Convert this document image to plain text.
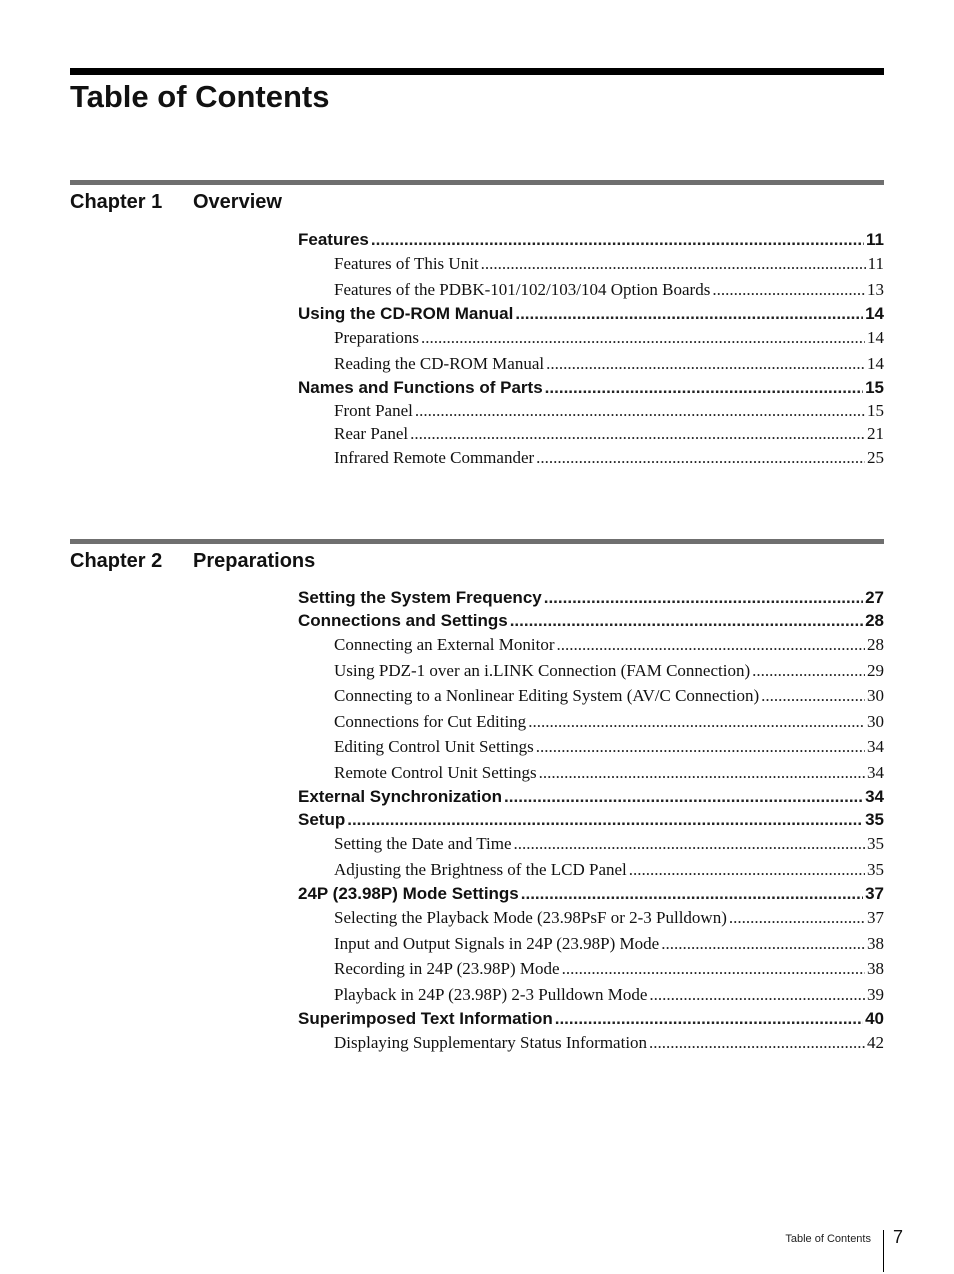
Table of Contents
Chapter 1 Overview
Features .....	11
Features of This Unit .....	11
Features of the PDBK-101/102/103/104 Option Boards .....	13
Using the CD-ROM Manual .....	14
Preparations .....	14
Reading the CD-ROM Manual .....	14
Names and Functions of Parts .....	15
Front Panel .....	15
Rear Panel .....	21
Infrared Remote Commander .....	25
Chapter 2 Preparations
Setting the System Frequency .....	27
Connections and Settings .....	28
Connecting an External Monitor .....	28
Using PDZ-1 over an i.LINK Connection (FAM Connection) .....	29
Connecting to a Nonlinear Editing System (AV/C Connection) .....	30
Connections for Cut Editing .....	30
Editing Control Unit Settings .....	34
Remote Control Unit Settings .....	34
External Synchronization .....	34
Setup .....	35
Setting the Date and Time .....	35
Adjusting the Brightness of the LCD Panel .....	35
24P (23.98P) Mode Settings .....	37
Selecting the Playback Mode (23.98PsF or 2-3 Pulldown) .....	37
Input and Output Signals in 24P (23.98P) Mode .....	38
Recording in 24P (23.98P) Mode .....	38
Playback in 24P (23.98P) 2-3 Pulldown Mode .....	39
Superimposed Text Information .....	40
Displaying Supplementary Status Information .....	42
Table of Contents 7
